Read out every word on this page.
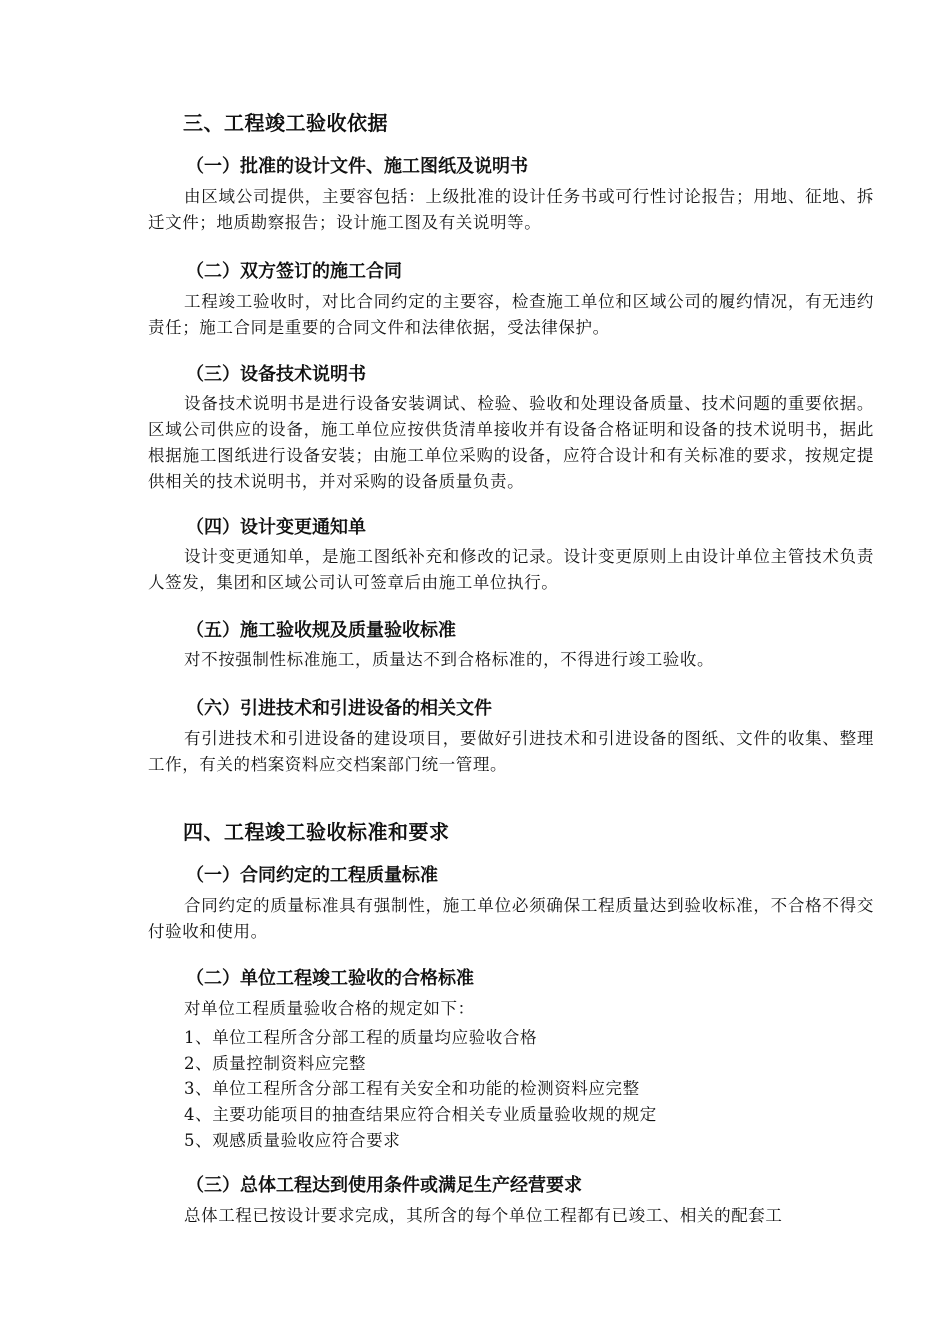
三、工程竣工验收依据
（一）批准的设计文件、施工图纸及说明书
由区域公司提供，主要容包括：上级批准的设计任务书或可行性讨论报告；用地、征地、拆迁文件；地质勘察报告；设计施工图及有关说明等。
（二）双方签订的施工合同
工程竣工验收时，对比合同约定的主要容，检查施工单位和区域公司的履约情况，有无违约责任；施工合同是重要的合同文件和法律依据，受法律保护。
（三）设备技术说明书
设备技术说明书是进行设备安装调试、检验、验收和处理设备质量、技术问题的重要依据。区域公司供应的设备，施工单位应按供货清单接收并有设备合格证明和设备的技术说明书，据此根据施工图纸进行设备安装；由施工单位采购的设备，应符合设计和有关标准的要求，按规定提供相关的技术说明书，并对采购的设备质量负责。
（四）设计变更通知单
设计变更通知单，是施工图纸补充和修改的记录。设计变更原则上由设计单位主管技术负责人签发，集团和区域公司认可签章后由施工单位执行。
（五）施工验收规及质量验收标准
对不按强制性标准施工，质量达不到合格标准的，不得进行竣工验收。
（六）引进技术和引进设备的相关文件
有引进技术和引进设备的建设项目，要做好引进技术和引进设备的图纸、文件的收集、整理工作，有关的档案资料应交档案部门统一管理。
四、工程竣工验收标准和要求
（一）合同约定的工程质量标准
合同约定的质量标准具有强制性，施工单位必须确保工程质量达到验收标准，不合格不得交付验收和使用。
（二）单位工程竣工验收的合格标准
对单位工程质量验收合格的规定如下：
1、单位工程所含分部工程的质量均应验收合格
2、质量控制资料应完整
3、单位工程所含分部工程有关安全和功能的检测资料应完整
4、主要功能项目的抽查结果应符合相关专业质量验收规的规定
5、观感质量验收应符合要求
（三）总体工程达到使用条件或满足生产经营要求
总体工程已按设计要求完成，其所含的每个单位工程都有已竣工、相关的配套工
